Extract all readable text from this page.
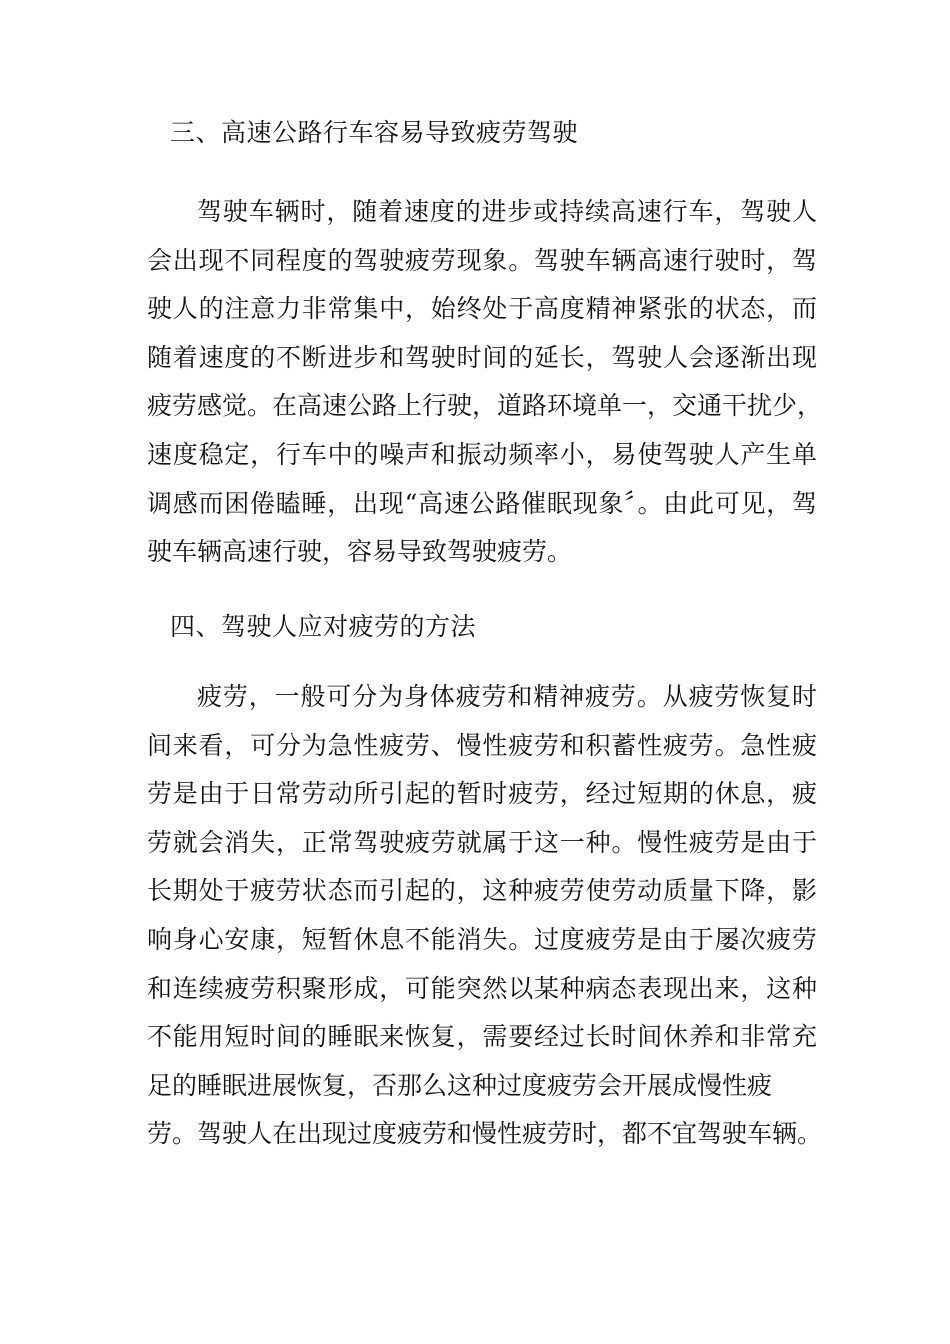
三、高速公路行车容易导致疲劳驾驶
驾驶车辆时，随着速度的进步或持续高速行车，驾驶人
会出现不同程度的驾驶疲劳现象。驾驶车辆高速行驶时，驾
驶人的注意力非常集中，始终处于高度精神紧张的状态，而
随着速度的不断进步和驾驶时间的延长，驾驶人会逐渐出现
疲劳感觉。在高速公路上行驶，道路环境单一，交通干扰少，
速度稳定，行车中的噪声和振动频率小，易使驾驶人产生单
调感而困倦瞌睡，出现“高速公路催眠现象〞。由此可见，驾
驶车辆高速行驶，容易导致驾驶疲劳。
四、驾驶人应对疲劳的方法
疲劳，一般可分为身体疲劳和精神疲劳。从疲劳恢复时
间来看，可分为急性疲劳、慢性疲劳和积蓄性疲劳。急性疲
劳是由于日常劳动所引起的暂时疲劳，经过短期的休息，疲
劳就会消失，正常驾驶疲劳就属于这一种。慢性疲劳是由于
长期处于疲劳状态而引起的，这种疲劳使劳动质量下降，影
响身心安康，短暂休息不能消失。过度疲劳是由于屡次疲劳
和连续疲劳积聚形成，可能突然以某种病态表现出来，这种
不能用短时间的睡眠来恢复，需要经过长时间休养和非常充
足的睡眠进展恢复，否那么这种过度疲劳会开展成慢性疲
劳。驾驶人在出现过度疲劳和慢性疲劳时，都不宜驾驶车辆。
